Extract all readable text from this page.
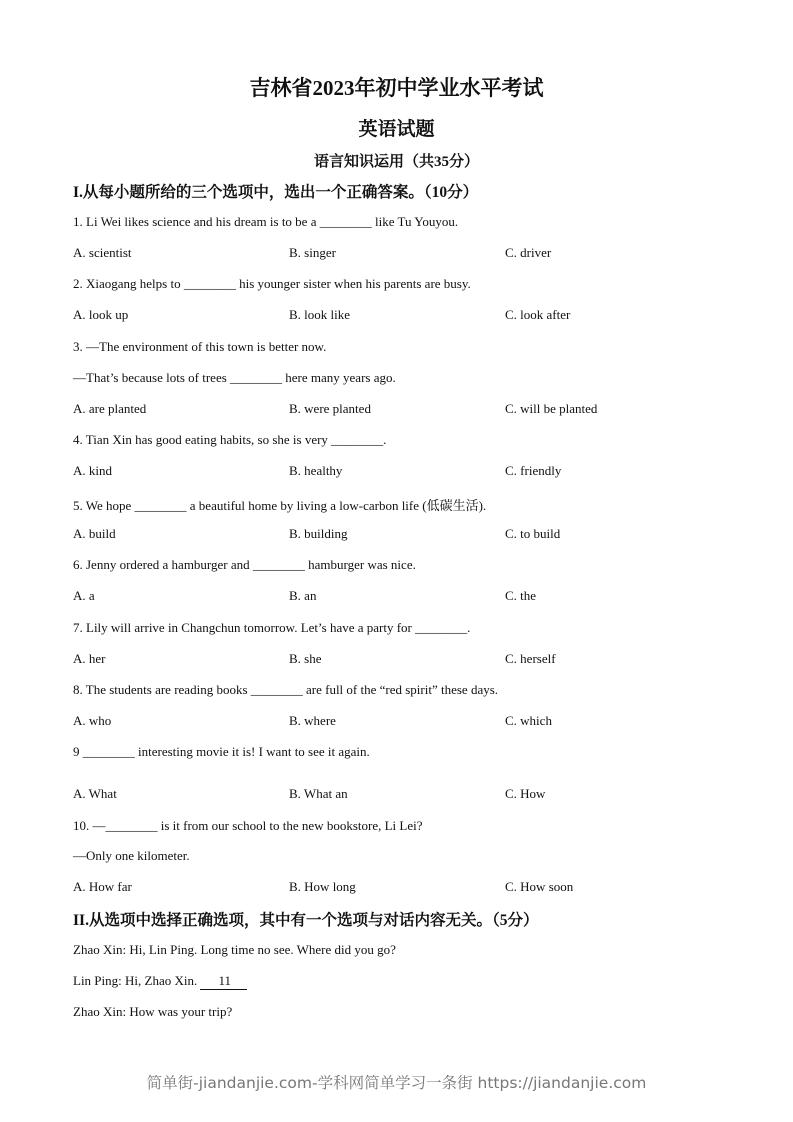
吉林省2023年初中学业水平考试
英语试题
语言知识运用（共35分）
I.从每小题所给的三个选项中，选出一个正确答案。（10分）
1. Li Wei likes science and his dream is to be a ________ like Tu Youyou.
A. scientist	B. singer	C. driver
2. Xiaogang helps to ________ his younger sister when his parents are busy.
A. look up	B. look like	C. look after
3. —The environment of this town is better now.
—That’s because lots of trees ________ here many years ago.
A. are planted	B. were planted	C. will be planted
4. Tian Xin has good eating habits, so she is very ________.
A. kind	B. healthy	C. friendly
5. We hope ________ a beautiful home by living a low-carbon life (低碳生活).
A. build	B. building	C. to build
6. Jenny ordered a hamburger and ________ hamburger was nice.
A. a	B. an	C. the
7. Lily will arrive in Changchun tomorrow. Let’s have a party for ________.
A. her	B. she	C. herself
8. The students are reading books ________ are full of the “red spirit” these days.
A. who	B. where	C. which
9 ________ interesting movie it is! I want to see it again.
A. What	B. What an	C. How
10. —________ is it from our school to the new bookstore, Li Lei?
—Only one kilometer.
A. How far	B. How long	C. How soon
II.从选项中选择正确选项，其中有一个选项与对话内容无关。（5分）
Zhao Xin: Hi, Lin Ping. Long time no see. Where did you go?
Lin Ping: Hi, Zhao Xin. 11
Zhao Xin: How was your trip?
简单街-jiandanjie.com-学科网简单学习一条街 https://jiandanjie.com
